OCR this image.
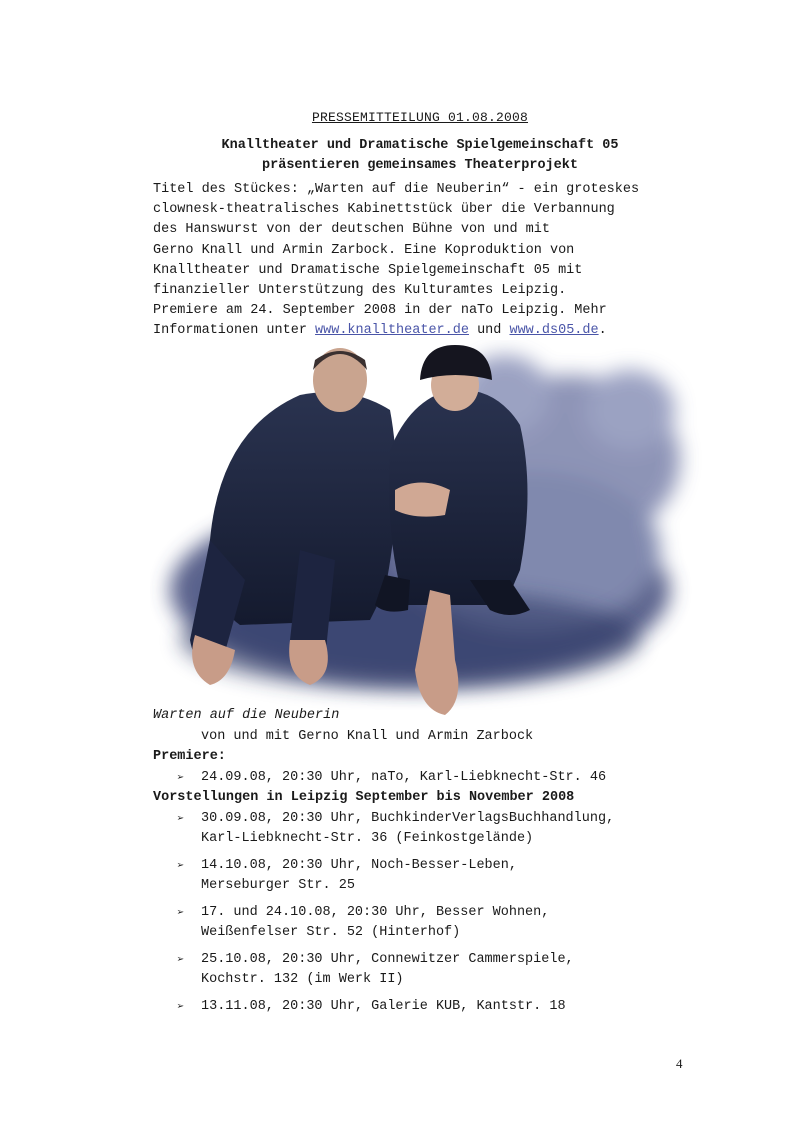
PRESSEMITTEILUNG 01.08.2008
Knalltheater und Dramatische Spielgemeinschaft 05
präsentieren gemeinsames Theaterprojekt
Titel des Stückes: „Warten auf die Neuberin“ - ein groteskes
clownesk-theatralisches Kabinettstück über die Verbannung
des Hanswurst von der deutschen Bühne von und mit
Gerno Knall und Armin Zarbock. Eine Koproduktion von
Knalltheater und Dramatische Spielgemeinschaft 05 mit
finanzieller Unterstützung des Kulturamtes Leipzig.
Premiere am 24. September 2008 in der naTo Leipzig. Mehr
Informationen unter www.knalltheater.de und www.ds05.de.
Warten auf die Neuberin
von und mit Gerno Knall und Armin Zarbock
Premiere:
➢	24.09.08, 20:30 Uhr, naTo, Karl-Liebknecht-Str. 46
Vorstellungen in Leipzig September bis November 2008
➢	30.09.08, 20:30 Uhr, BuchkinderVerlagsBuchhandlung,
Karl-Liebknecht-Str. 36 (Feinkostgelände)
➢	14.10.08, 20:30 Uhr, Noch-Besser-Leben,
Merseburger Str. 25
➢	17. und 24.10.08, 20:30 Uhr, Besser Wohnen,
Weißenfelser Str. 52 (Hinterhof)
➢	25.10.08, 20:30 Uhr, Connewitzer Cammerspiele,
Kochstr. 132 (im Werk II)
➢	13.11.08, 20:30 Uhr, Galerie KUB, Kantstr. 18
4
